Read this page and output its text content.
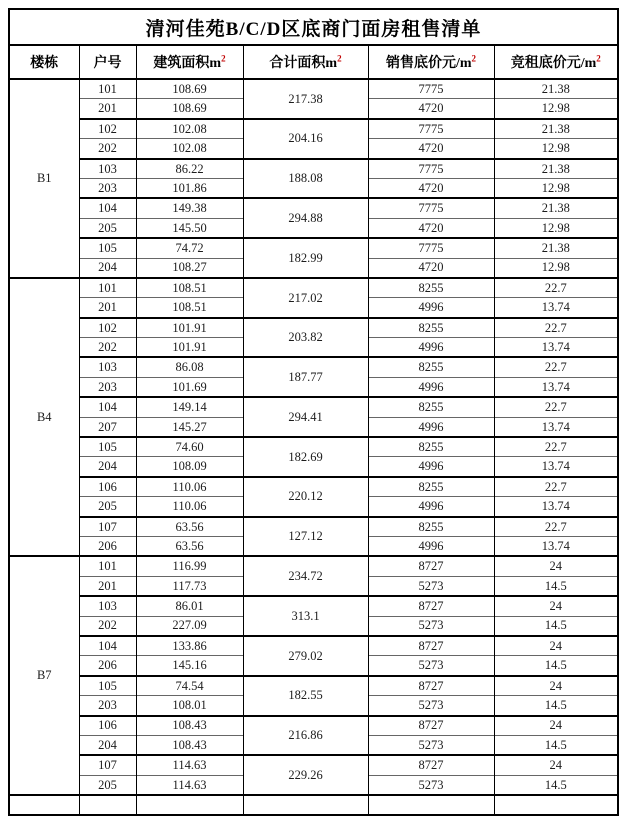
清河佳苑B/C/D区底商门面房租售清单					
楼栋	户号	建筑面积$m^2$	合计面积$m^2$	销售底价元$/m^2$	竞租底价元$/m^2$
B1	101	108.69	217.38	7775	21.38
	201	108.69		4720	12.98
	102	102.08	204.16	7775	21.38
	202	102.08		4720	12.98
	103	86.22	188.08	7775	21.38
	203	101.86		4720	12.98
	104	149.38	294.88	7775	21.38
	205	145.50		4720	12.98
	105	74.72	182.99	7775	21.38
	204	108.27		4720	12.98
B4	101	108.51	217.02	8255	22.7
	201	108.51		4996	13.74
	102	101.91	203.82	8255	22.7
	202	101.91		4996	13.74
	103	86.08	187.77	8255	22.7
	203	101.69		4996	13.74
	104	149.14	294.41	8255	22.7
	207	145.27		4996	13.74
	105	74.60	182.69	8255	22.7
	204	108.09		4996	13.74
	106	110.06	220.12	8255	22.7
	205	110.06		4996	13.74
	107	63.56	127.12	8255	22.7
	206	63.56		4996	13.74
B7	101	116.99	234.72	8727	24
	201	117.73		5273	14.5
	103	86.01	313.1	8727	24
	202	227.09		5273	14.5
	104	133.86	279.02	8727	24
	206	145.16		5273	14.5
	105	74.54	182.55	8727	24
	203	108.01		5273	14.5
	106	108.43	216.86	8727	24
	204	108.43		5273	14.5
	107	114.63	229.26	8727	24
	205	114.63		5273	14.5
